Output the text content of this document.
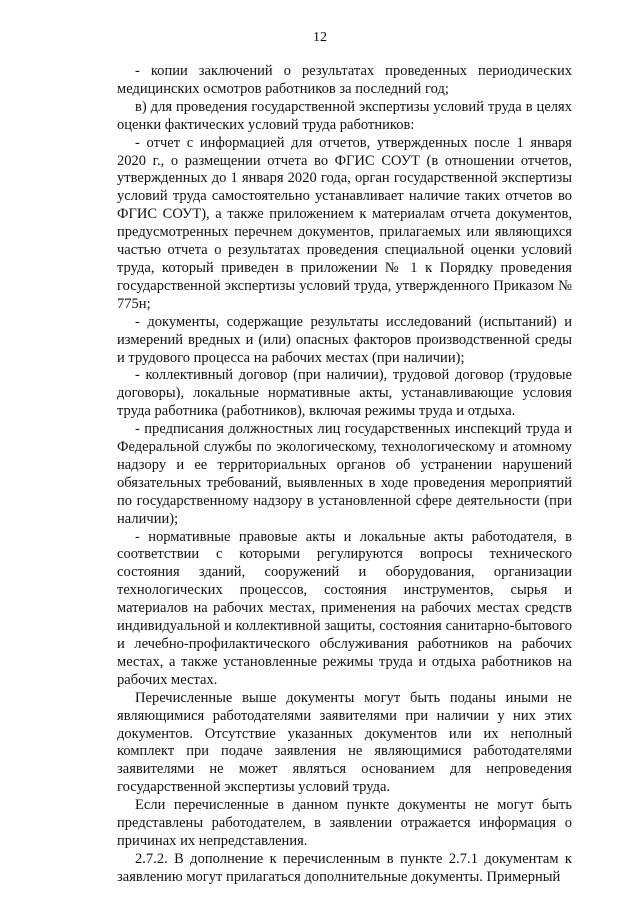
12

- копии заключений о результатах проведенных периодических медицинских осмотров работников за последний год;

в) для проведения государственной экспертизы условий труда в целях оценки фактических условий труда работников:

- отчет с информацией для отчетов, утвержденных после 1 января 2020 г., о размещении отчета во ФГИС СОУТ (в отношении отчетов, утвержденных до 1 января 2020 года, орган государственной экспертизы условий труда самостоятельно устанавливает наличие таких отчетов во ФГИС СОУТ), а также приложением к материалам отчета документов, предусмотренных перечнем документов, прилагаемых или являющихся частью отчета о результатах проведения специальной оценки условий труда, который приведен в приложении № 1 к Порядку проведения государственной экспертизы условий труда, утвержденного Приказом № 775н;

- документы, содержащие результаты исследований (испытаний) и измерений вредных и (или) опасных факторов производственной среды и трудового процесса на рабочих местах (при наличии);

- коллективный договор (при наличии), трудовой договор (трудовые договоры), локальные нормативные акты, устанавливающие условия труда работника (работников), включая режимы труда и отдыха.

- предписания должностных лиц государственных инспекций труда и Федеральной службы по экологическому, технологическому и атомному надзору и ее территориальных органов об устранении нарушений обязательных требований, выявленных в ходе проведения мероприятий по государственному надзору в установленной сфере деятельности (при наличии);

- нормативные правовые акты и локальные акты работодателя, в соответствии с которыми регулируются вопросы технического состояния зданий, сооружений и оборудования, организации технологических процессов, состояния инструментов, сырья и материалов на рабочих местах, применения на рабочих местах средств индивидуальной и коллективной защиты, состояния санитарно-бытового и лечебно-профилактического обслуживания работников на рабочих местах, а также установленные режимы труда и отдыха работников на рабочих местах.

Перечисленные выше документы могут быть поданы иными не являющимися работодателями заявителями при наличии у них этих документов. Отсутствие указанных документов или их неполный комплект при подаче заявления не являющимися работодателями заявителями не может являться основанием для непроведения государственной экспертизы условий труда.

Если перечисленные в данном пункте документы не могут быть представлены работодателем, в заявлении отражается информация о причинах их непредставления.

2.7.2. В дополнение к перечисленным в пункте 2.7.1 документам к заявлению могут прилагаться дополнительные документы. Примерный
